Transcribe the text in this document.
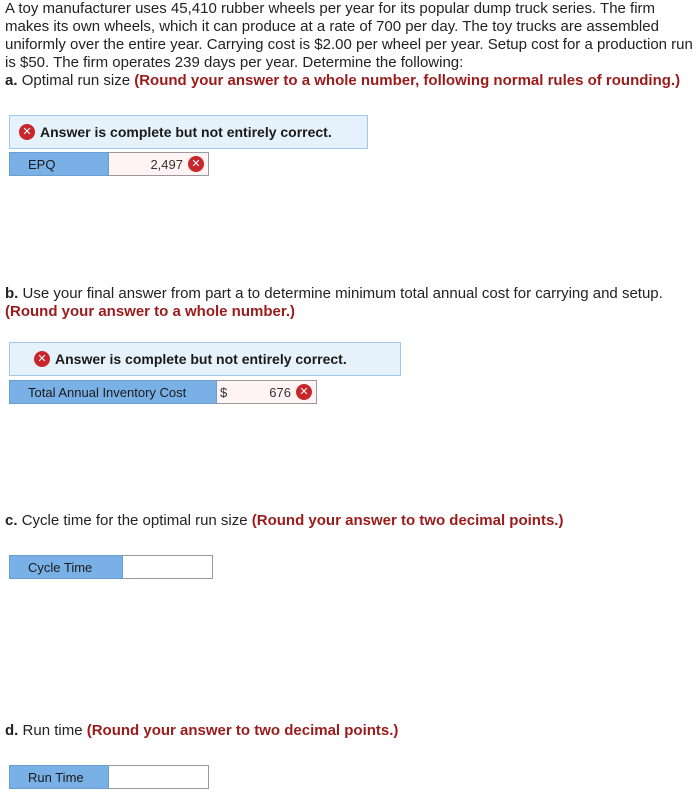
A toy manufacturer uses 45,410 rubber wheels per year for its popular dump truck series. The firm makes its own wheels, which it can produce at a rate of 700 per day. The toy trucks are assembled uniformly over the entire year. Carrying cost is $2.00 per wheel per year. Setup cost for a production run is $50. The firm operates 239 days per year. Determine the following:
a. Optimal run size (Round your answer to a whole number, following normal rules of rounding.)
✕ Answer is complete but not entirely correct.
EPQ	2,497 ✕
b. Use your final answer from part a to determine minimum total annual cost for carrying and setup.
(Round your answer to a whole number.)
✕ Answer is complete but not entirely correct.
Total Annual Inventory Cost	$	676 ✕
c. Cycle time for the optimal run size (Round your answer to two decimal points.)
Cycle Time
d. Run time (Round your answer to two decimal points.)
Run Time
